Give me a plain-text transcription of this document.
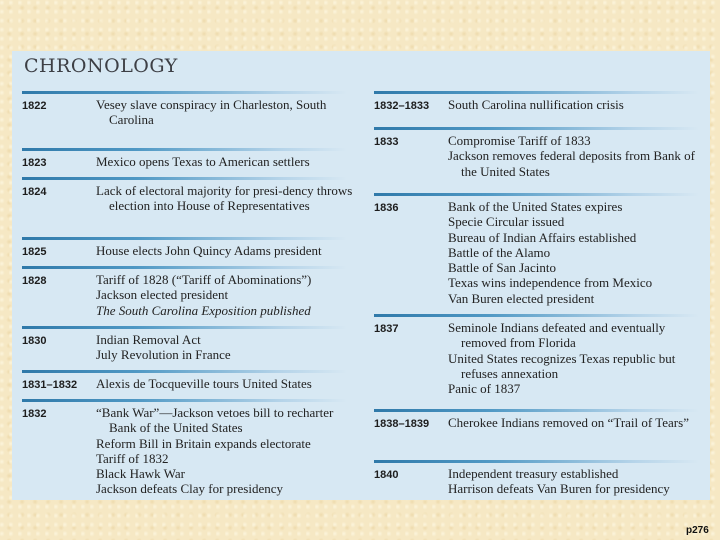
CHRONOLOGY
1822	Vesey slave conspiracy in Charleston, South Carolina
1823	Mexico opens Texas to American settlers
1824	Lack of electoral majority for presi-dency throws election into House of Representatives
1825	House elects John Quincy Adams president
1828	Tariff of 1828 (“Tariff of Abominations”)
Jackson elected president
The South Carolina Exposition published
1830	Indian Removal Act
July Revolution in France
1831–1832 Alexis de Tocqueville tours United States
1832	“Bank War”—Jackson vetoes bill to recharter Bank of the United States
Reform Bill in Britain expands electorate
Tariff of 1832
Black Hawk War
Jackson defeats Clay for presidency
1832–1833 South Carolina nullification crisis
1833	Compromise Tariff of 1833
Jackson removes federal deposits from Bank of the United States
1836	Bank of the United States expires
Specie Circular issued
Bureau of Indian Affairs established
Battle of the Alamo
Battle of San Jacinto
Texas wins independence from Mexico
Van Buren elected president
1837	Seminole Indians defeated and eventually removed from Florida
United States recognizes Texas republic but refuses annexation
Panic of 1837
1838–1839 Cherokee Indians removed on “Trail of Tears”
1840	Independent treasury established
Harrison defeats Van Buren for presidency
p276
